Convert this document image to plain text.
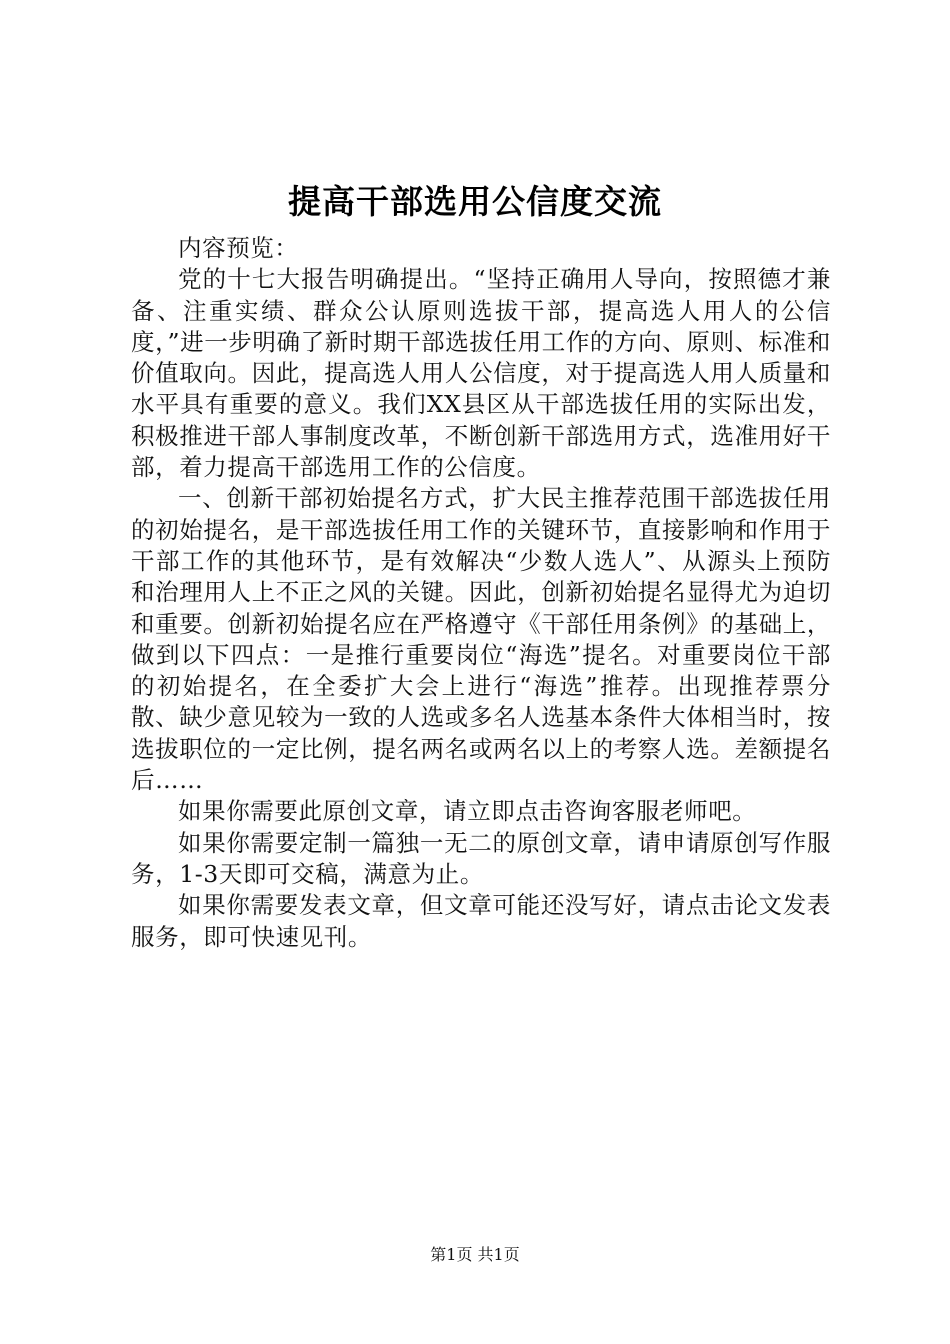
提高干部选用公信度交流

内容预览：

党的十七大报告明确提出。“坚持正确用人导向，按照德才兼备、注重实绩、群众公认原则选拔干部，提高选人用人的公信度，”进一步明确了新时期干部选拔任用工作的方向、原则、标准和价值取向。因此，提高选人用人公信度，对于提高选人用人质量和水平具有重要的意义。我们XX县区从干部选拔任用的实际出发，积极推进干部人事制度改革，不断创新干部选用方式，选准用好干部，着力提高干部选用工作的公信度。

一、创新干部初始提名方式，扩大民主推荐范围干部选拔任用的初始提名，是干部选拔任用工作的关键环节，直接影响和作用于干部工作的其他环节，是有效解决“少数人选人”、从源头上预防和治理用人上不正之风的关键。因此，创新初始提名显得尤为迫切和重要。创新初始提名应在严格遵守《干部任用条例》的基础上，做到以下四点：一是推行重要岗位“海选”提名。对重要岗位干部的初始提名，在全委扩大会上进行“海选”推荐。出现推荐票分散、缺少意见较为一致的人选或多名人选基本条件大体相当时，按选拔职位的一定比例，提名两名或两名以上的考察人选。差额提名后……

如果你需要此原创文章，请立即点击咨询客服老师吧。

如果你需要定制一篇独一无二的原创文章，请申请原创写作服务，1-3天即可交稿，满意为止。

如果你需要发表文章，但文章可能还没写好，请点击论文发表服务，即可快速见刊。

第1页 共1页
